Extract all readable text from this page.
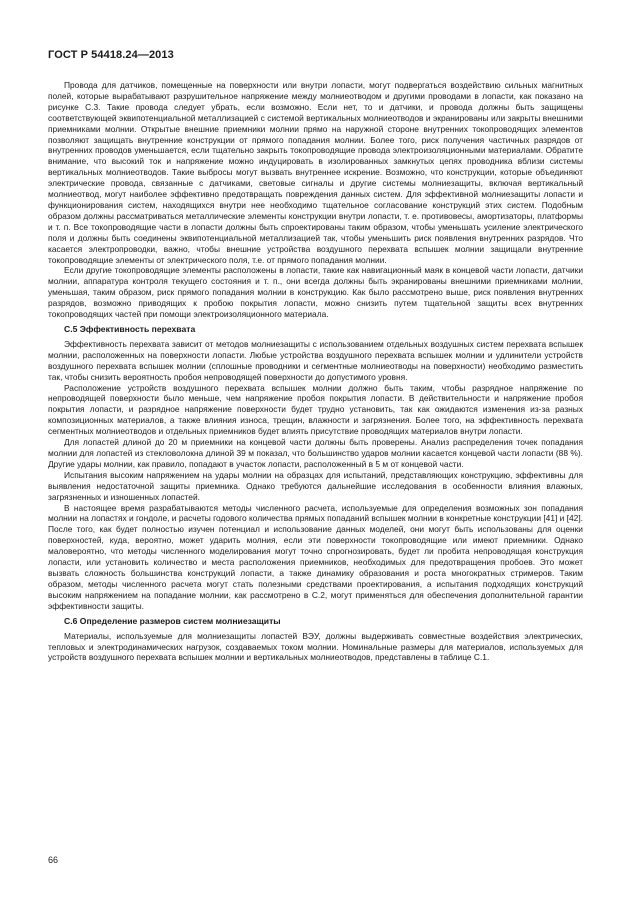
ГОСТ Р 54418.24—2013

Провода для датчиков, помещенные на поверхности или внутри лопасти, могут подвергаться воздействию сильных магнитных полей, которые вырабатывают разрушительное напряжение между молниеотводом и другими проводами в лопасти, как показано на рисунке С.3. Такие провода следует убрать, если возможно. Если нет, то и датчики, и провода должны быть защищены соответствующей эквипотенциальной металлизацией с системой вертикальных молниеотводов и экранированы или закрыты внешними приемниками молнии. Открытые внешние приемники молнии прямо на наружной стороне внутренних токопроводящих элементов позволяют защищать внутренние конструкции от прямого попадания молнии. Более того, риск получения частичных разрядов от внутренних проводов уменьшается, если тщательно закрыть токопроводящие провода электроизоляционными материалами. Обратите внимание, что высокий ток и напряжение можно индуцировать в изолированных замкнутых цепях проводника вблизи системы вертикальных молниеотводов. Такие выбросы могут вызвать внутреннее искрение. Возможно, что конструкции, которые объединяют электрические провода, связанные с датчиками, световые сигналы и другие системы молниезащиты, включая вертикальный молниеотвод, могут наиболее эффективно предотвращать повреждения данных систем. Для эффективной молниезащиты лопасти и функционирования систем, находящихся внутри нее необходимо тщательное согласование конструкций этих систем. Подобным образом должны рассматриваться металлические элементы конструкции внутри лопасти, т. е. противовесы, амортизаторы, платформы и т. п. Все токопроводящие части в лопасти должны быть спроектированы таким образом, чтобы уменьшать усиление электрического поля и должны быть соединены эквипотенциальной металлизацией так, чтобы уменьшить риск появления внутренних разрядов. Что касается электропроводки, важно, чтобы внешние устройства воздушного перехвата вспышек молнии защищали внутренние токопроводящие элементы от электрического поля, т.е. от прямого попадания молнии.

Если другие токопроводящие элементы расположены в лопасти, такие как навигационный маяк в концевой части лопасти, датчики молнии, аппаратура контроля текущего состояния и т. п., они всегда должны быть экранированы внешними приемниками молнии, уменьшая, таким образом, риск прямого попадания молнии в конструкцию. Как было рассмотрено выше, риск появления внутренних разрядов, возможно приводящих к пробою покрытия лопасти, можно снизить путем тщательной защиты всех внутренних токопроводящих частей при помощи электроизоляционного материала.

С.5 Эффективность перехвата

Эффективность перехвата зависит от методов молниезащиты с использованием отдельных воздушных систем перехвата вспышек молнии, расположенных на поверхности лопасти. Любые устройства воздушного перехвата вспышек молнии и удлинители устройств воздушного перехвата вспышек молнии (сплошные проводники и сегментные молниеотводы на поверхности) необходимо разместить так, чтобы снизить вероятность пробоя непроводящей поверхности до допустимого уровня.

Расположение устройств воздушного перехвата вспышек молнии должно быть таким, чтобы разрядное напряжение по непроводящей поверхности было меньше, чем напряжение пробоя покрытия лопасти. В действительности и напряжение пробоя покрытия лопасти, и разрядное напряжение поверхности будет трудно установить, так как ожидаются изменения из-за разных композиционных материалов, а также влияния износа, трещин, влажности и загрязнения. Более того, на эффективность перехвата сегментных молниеотводов и отдельных приемников будет влиять присутствие проводящих материалов внутри лопасти.

Для лопастей длиной до 20 м приемники на концевой части должны быть проверены. Анализ распределения точек попадания молнии для лопастей из стекловолокна длиной 39 м показал, что большинство ударов молнии касается концевой части лопасти (88 %). Другие удары молнии, как правило, попадают в участок лопасти, расположенный в 5 м от концевой части.

Испытания высоким напряжением на удары молнии на образцах для испытаний, представляющих конструкцию, эффективны для выявления недостаточной защиты приемника. Однако требуются дальнейшие исследования в особенности влияния влажных, загрязненных и изношенных лопастей.

В настоящее время разрабатываются методы численного расчета, используемые для определения возможных зон попадания молнии на лопастях и гондоле, и расчеты годового количества прямых попаданий вспышек молнии в конкретные конструкции [41] и [42]. После того, как будет полностью изучен потенциал и использование данных моделей, они могут быть использованы для оценки поверхностей, куда, вероятно, может ударить молния, если эти поверхности токопроводящие или имеют приемники. Однако маловероятно, что методы численного моделирования могут точно спрогнозировать, будет ли пробита непроводящая конструкция лопасти, или установить количество и места расположения приемников, необходимых для предотвращения пробоев. Это может вызвать сложность большинства конструкций лопасти, а также динамику образования и роста многократных стримеров. Таким образом, методы численного расчета могут стать полезными средствами проектирования, а испытания подходящих конструкций высоким напряжением на попадание молнии, как рассмотрено в С.2, могут применяться для обеспечения дополнительной гарантии эффективности защиты.

С.6 Определение размеров систем молниезащиты

Материалы, используемые для молниезащиты лопастей ВЭУ, должны выдерживать совместные воздействия электрических, тепловых и электродинамических нагрузок, создаваемых током молнии. Номинальные размеры для материалов, используемых для устройств воздушного перехвата вспышек молнии и вертикальных молниеотводов, представлены в таблице С.1.

66
